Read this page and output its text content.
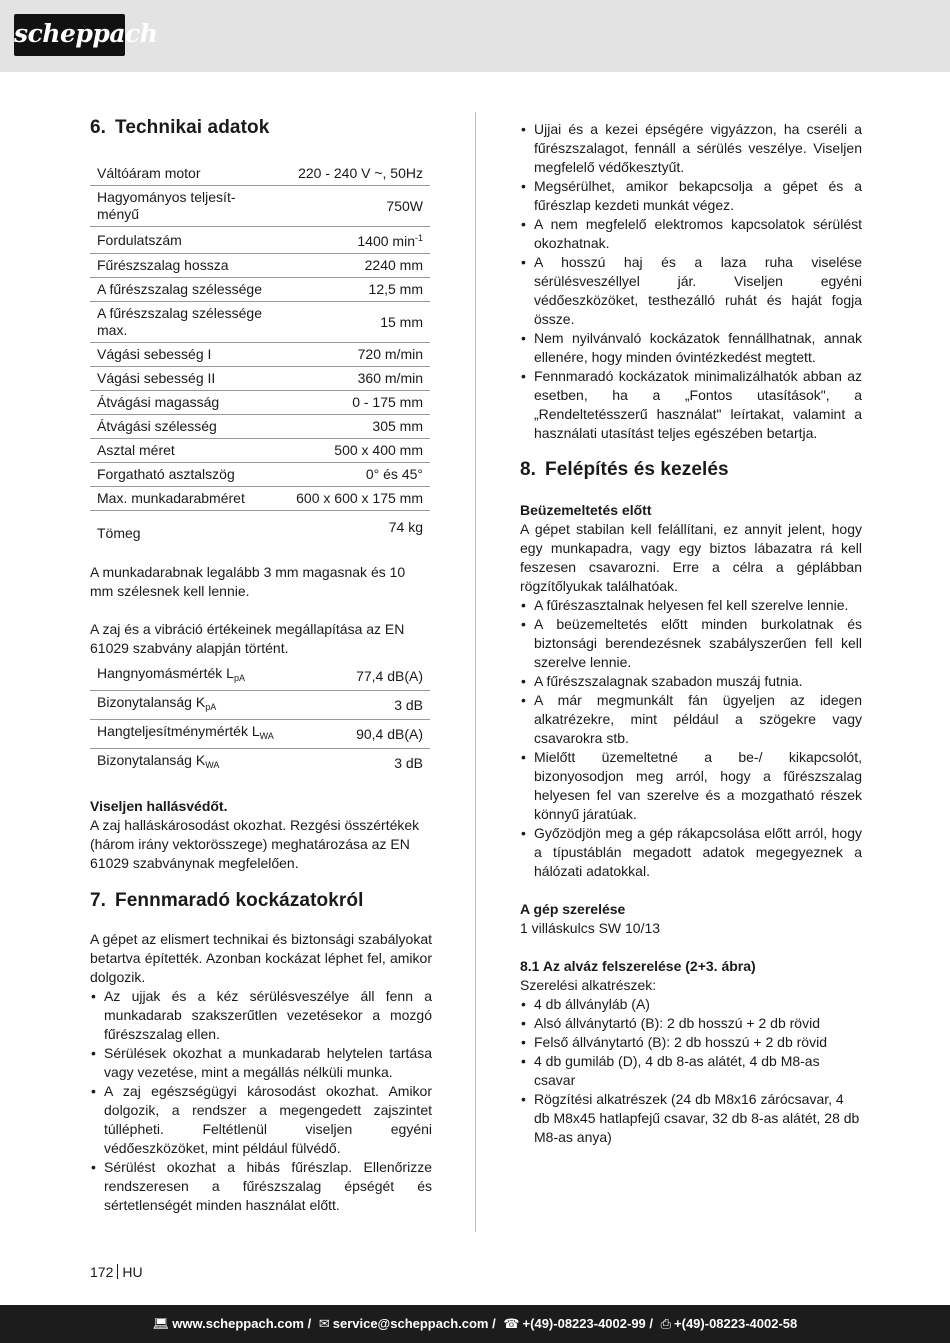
scheppach
6. Technikai adatok
Váltóáram motor	220 - 240 V ~, 50Hz
Hagyományos teljesít-
ményű	750W
Fordulatszám	1400 $\min^{-1}$
Fűrészszalag hossza	2240 mm
A fűrészszalag szélessége	12,5 mm
A fűrészszalag szélessége
max.	15 mm
Vágási sebesség I	720 m/min
Vágási sebesség II	360 m/min
Átvágási magasság	0 - 175 mm
Átvágási szélesség	305 mm
Asztal méret	500 x 400 mm
Forgatható asztalszög	0° és 45°
Max. munkadarabméret	600 x 600 x 175 mm
Tömeg	74 kg

A munkadarabnak legalább 3 mm magasnak és 10 mm szélesnek kell lennie.

A zaj és a vibráció értékeinek megállapítása az EN 61029 szabvány alapján történt.

Hangnyomásmérték $L_{pA}$	77,4 dB(A)
Bizonytalanság $K_{pA}$	3 dB
Hangteljesítménymérték $L_{WA}$	90,4 dB(A)
Bizonytalanság $K_{WA}$	3 dB

Viseljen hallásvédőt.

A zaj halláskárosodást okozhat. Rezgési összértékek (három irány vektorösszege) meghatározása az EN 61029 szabványnak megfelelően.

7. Fennmaradó kockázatokról

A gépet az elismert technikai és biztonsági szabályokat betartva építették. Azonban kockázat léphet fel, amikor dolgozik.

• Az ujjak és a kéz sérülésveszélye áll fenn a munkadarab szakszerűtlen vezetésekor a mozgó fűrészszalag ellen.
• Sérülések okozhat a munkadarab helytelen tartása vagy vezetése, mint a megállás nélküli munka.
• A zaj egészségügyi károsodást okozhat. Amikor dolgozik, a rendszer a megengedett zajszintet túllépheti. Feltétlenül viseljen egyéni védőeszközöket, mint például fülvédő.
• Sérülést okozhat a hibás fűrészlap. Ellenőrizze rendszeresen a fűrészszalag épségét és sértetlenségét minden használat előtt.
• Ujjai és a kezei épségére vigyázzon, ha cseréli a fűrészszalagot, fennáll a sérülés veszélye. Viseljen megfelelő védőkesztyűt.
• Megsérülhet, amikor bekapcsolja a gépet és a fűrészlap kezdeti munkát végez.
• A nem megfelelő elektromos kapcsolatok sérülést okozhatnak.
• A hosszú haj és a laza ruha viselése sérülésveszéllyel jár. Viseljen egyéni védőeszközöket, testhezálló ruhát és haját fogja össze.
• Nem nyilvánvaló kockázatok fennállhatnak, annak ellenére, hogy minden óvintézkedést megtett.
• Fennmaradó kockázatok minimalizálhatók abban az esetben, ha a „Fontos utasítások", a „Rendeltetésszerű használat" leírtakat, valamint a használati utasítást teljes egészében betartja.
8. Felépítés és kezelés

Beüzemeltetés előtt

A gépet stabilan kell felállítani, ez annyit jelent, hogy egy munkapadra, vagy egy biztos lábazatra rá kell feszesen csavarozni. Erre a célra a géplábban rögzítőlyukak találhatóak.

• A fűrészasztalnak helyesen fel kell szerelve lennie.
• A beüzemeltetés előtt minden burkolatnak és biztonsági berendezésnek szabályszerűen fell kell szerelve lennie.
• A fűrészszalagnak szabadon muszáj futnia.
• A már megmunkált fán ügyeljen az idegen alkatrézekre, mint például a szögekre vagy csavarokra stb.
• Mielőtt üzemeltetné a be-/ kikapcsolót, bizonyosodjon meg arról, hogy a fűrészszalag helyesen fel van szerelve és a mozgatható részek könnyű járatúak.
• Győzödjön meg a gép rákapcsolása előtt arról, hogy a típustáblán megadott adatok megegyeznek a hálózati adatokkal.

A gép szerelése

1 villáskulcs SW 10/13

8.1 Az alváz felszerelése (2+3. ábra)

Szerelési alkatrészek:

• 4 db állványláb (A)
• Alsó állványtartó (B): 2 db hosszú + 2 db rövid
• Felső állványtartó (B): 2 db hosszú + 2 db rövid
• 4 db gumiláb (D), 4 db 8-as alátét, 4 db M8-as csavar
• Rögzítési alkatrészek (24 db M8x16 zárócsavar, 4 db M8x45 hatlapfejű csavar, 32 db 8-as alátét, 28 db M8-as anya)
172 HU
💻︎ www.scheppach.com / ✉ service@scheppach.com / ☎ +(49)-08223-4002-99 / ⎙ +(49)-08223-4002-58
